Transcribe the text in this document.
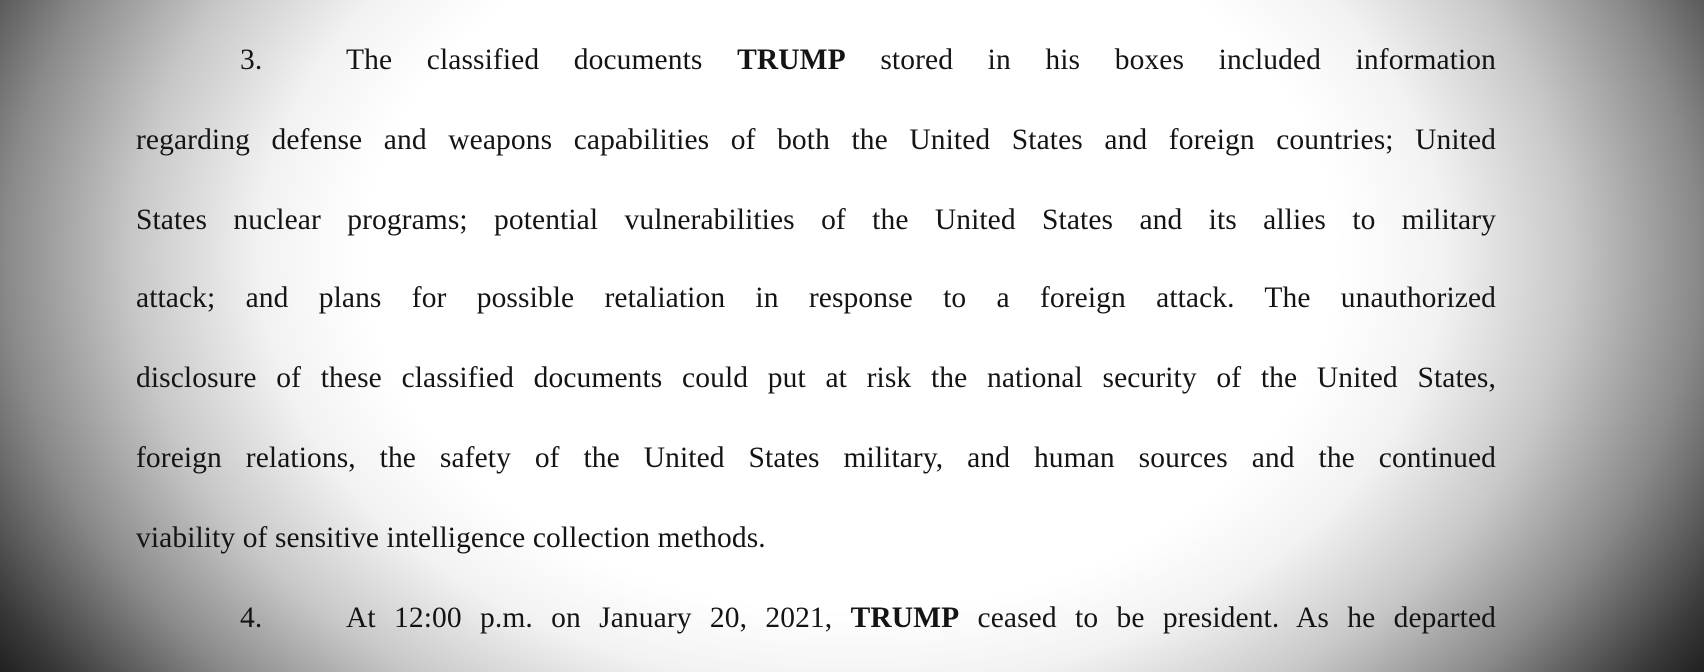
3.	The classified documents TRUMP stored in his boxes included information
regarding defense and weapons capabilities of both the United States and foreign countries; United
States nuclear programs; potential vulnerabilities of the United States and its allies to military
attack; and plans for possible retaliation in response to a foreign attack. The unauthorized
disclosure of these classified documents could put at risk the national security of the United States,
foreign relations, the safety of the United States military, and human sources and the continued
viability of sensitive intelligence collection methods.
4.	At 12:00 p.m. on January 20, 2021, TRUMP ceased to be president. As he departed
